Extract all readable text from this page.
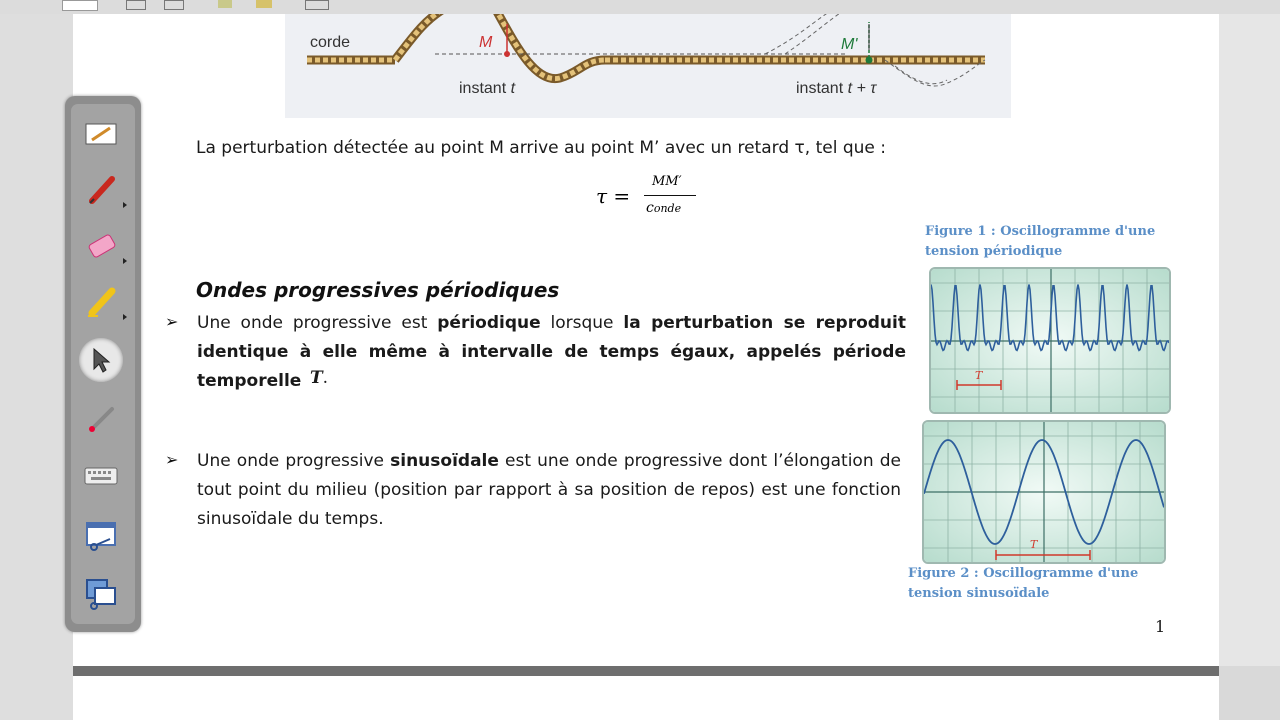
corde	M	M'
instant t	instant t + τ
La perturbation détectée au point M arrive au point M’ avec un retard τ, tel que :
τ =
MM′
conde
Ondes progressives périodiques
➢ Une onde progressive est périodique lorsque la perturbation se reproduit identique à elle même à intervalle de temps égaux, appelés période temporelle T.
➢ Une onde progressive sinusoïdale est une onde progressive dont l’élongation de tout point du milieu (position par rapport à sa position de repos) est une fonction sinusoïdale du temps.
Figure 1 : Oscillogramme d'une tension périodique
T
T
Figure 2 : Oscillogramme d'une tension sinusoïdale
1
